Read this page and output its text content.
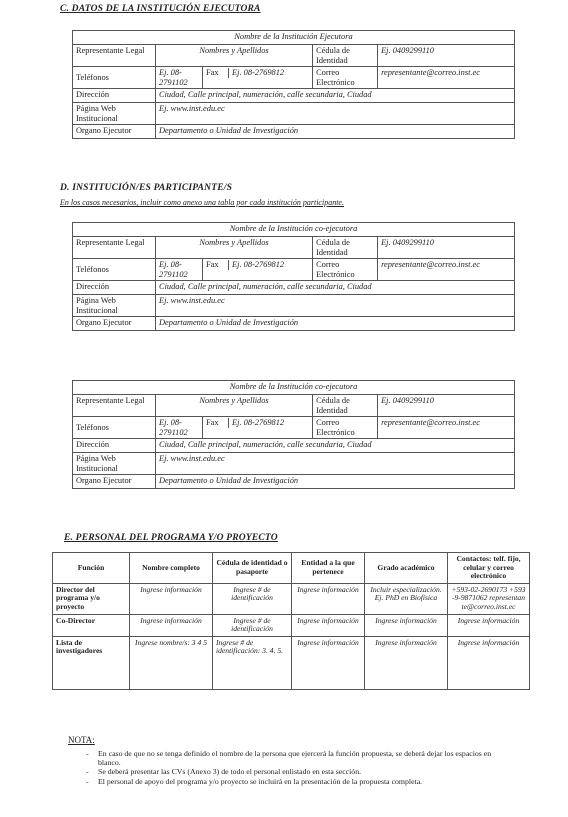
C. DATOS DE LA INSTITUCIÓN EJECUTORA
Nombre de la Institución Ejecutora				
Representante Legal	Nombres y Apellidos		Cédula de Identidad	Ej. 0409299110
Teléfonos	Ej. 08-2791102	Fax Ej. 08-2769812	Correo Electrónico	representante@correo.inst.ec
Dirección	Ciudad, Calle principal, numeración, calle secundaria, Ciudad			
Página Web Institucional	Ej. www.inst.edu.ec			
Organo Ejecutor	Departamento o Unidad de Investigación			
D. INSTITUCIÓN/ES PARTICIPANTE/S
En los casos necesarios, incluir como anexo una tabla por cada institución participante.
Nombre de la Institución co-ejecutora				
Representante Legal	Nombres y Apellidos		Cédula de Identidad	Ej. 0409299110
Teléfonos	Ej. 08-2791102	Fax Ej. 08-2769812	Correo Electrónico	representante@correo.inst.ec
Dirección	Ciudad, Calle principal, numeración, calle secundaria, Ciudad			
Página Web Institucional	Ej. www.inst.edu.ec			
Organo Ejecutor	Departamento o Unidad de Investigación			
Nombre de la Institución co-ejecutora				
Representante Legal	Nombres y Apellidos		Cédula de Identidad	Ej. 0409299110
Teléfonos	Ej. 08-2791102	Fax Ej. 08-2769812	Correo Electrónico	representante@correo.inst.ec
Dirección	Ciudad, Calle principal, numeración, calle secundaria, Ciudad			
Página Web Institucional	Ej. www.inst.edu.ec			
Organo Ejecutor	Departamento o Unidad de Investigación			
E. PERSONAL DEL PROGRAMA Y/O PROYECTO
Función	Nombre completo	Cédula de identidad o pasaporte	Entidad a la que pertenece	Grado académico	Contactos: telf. fijo, celular y correo electrónico
Director del programa y/o proyecto	Ingrese información	Ingrese # de identificación	Ingrese información	Incluir especialización. Ej. PhD en Biofísica	+593-02-2690173 +593-9-9871062 representante@correo.inst.ec
Co-Director	Ingrese información	Ingrese # de identificación	Ingrese información	Ingrese información	Ingrese información
Lista de investigadores	Ingrese nombre/s: 3 4 5	Ingrese # de identificación: 3. 4. 5.	Ingrese información	Ingrese información	Ingrese información
NOTA:
- En caso de que no se tenga definido el nombre de la persona que ejercerá la función propuesta, se deberá dejar los espacios en blanco.
- Se deberá presentar las CVs (Anexo 3) de todo el personal enlistado en esta sección.
- El personal de apoyo del programa y/o proyecto se incluirá en la presentación de la propuesta completa.
